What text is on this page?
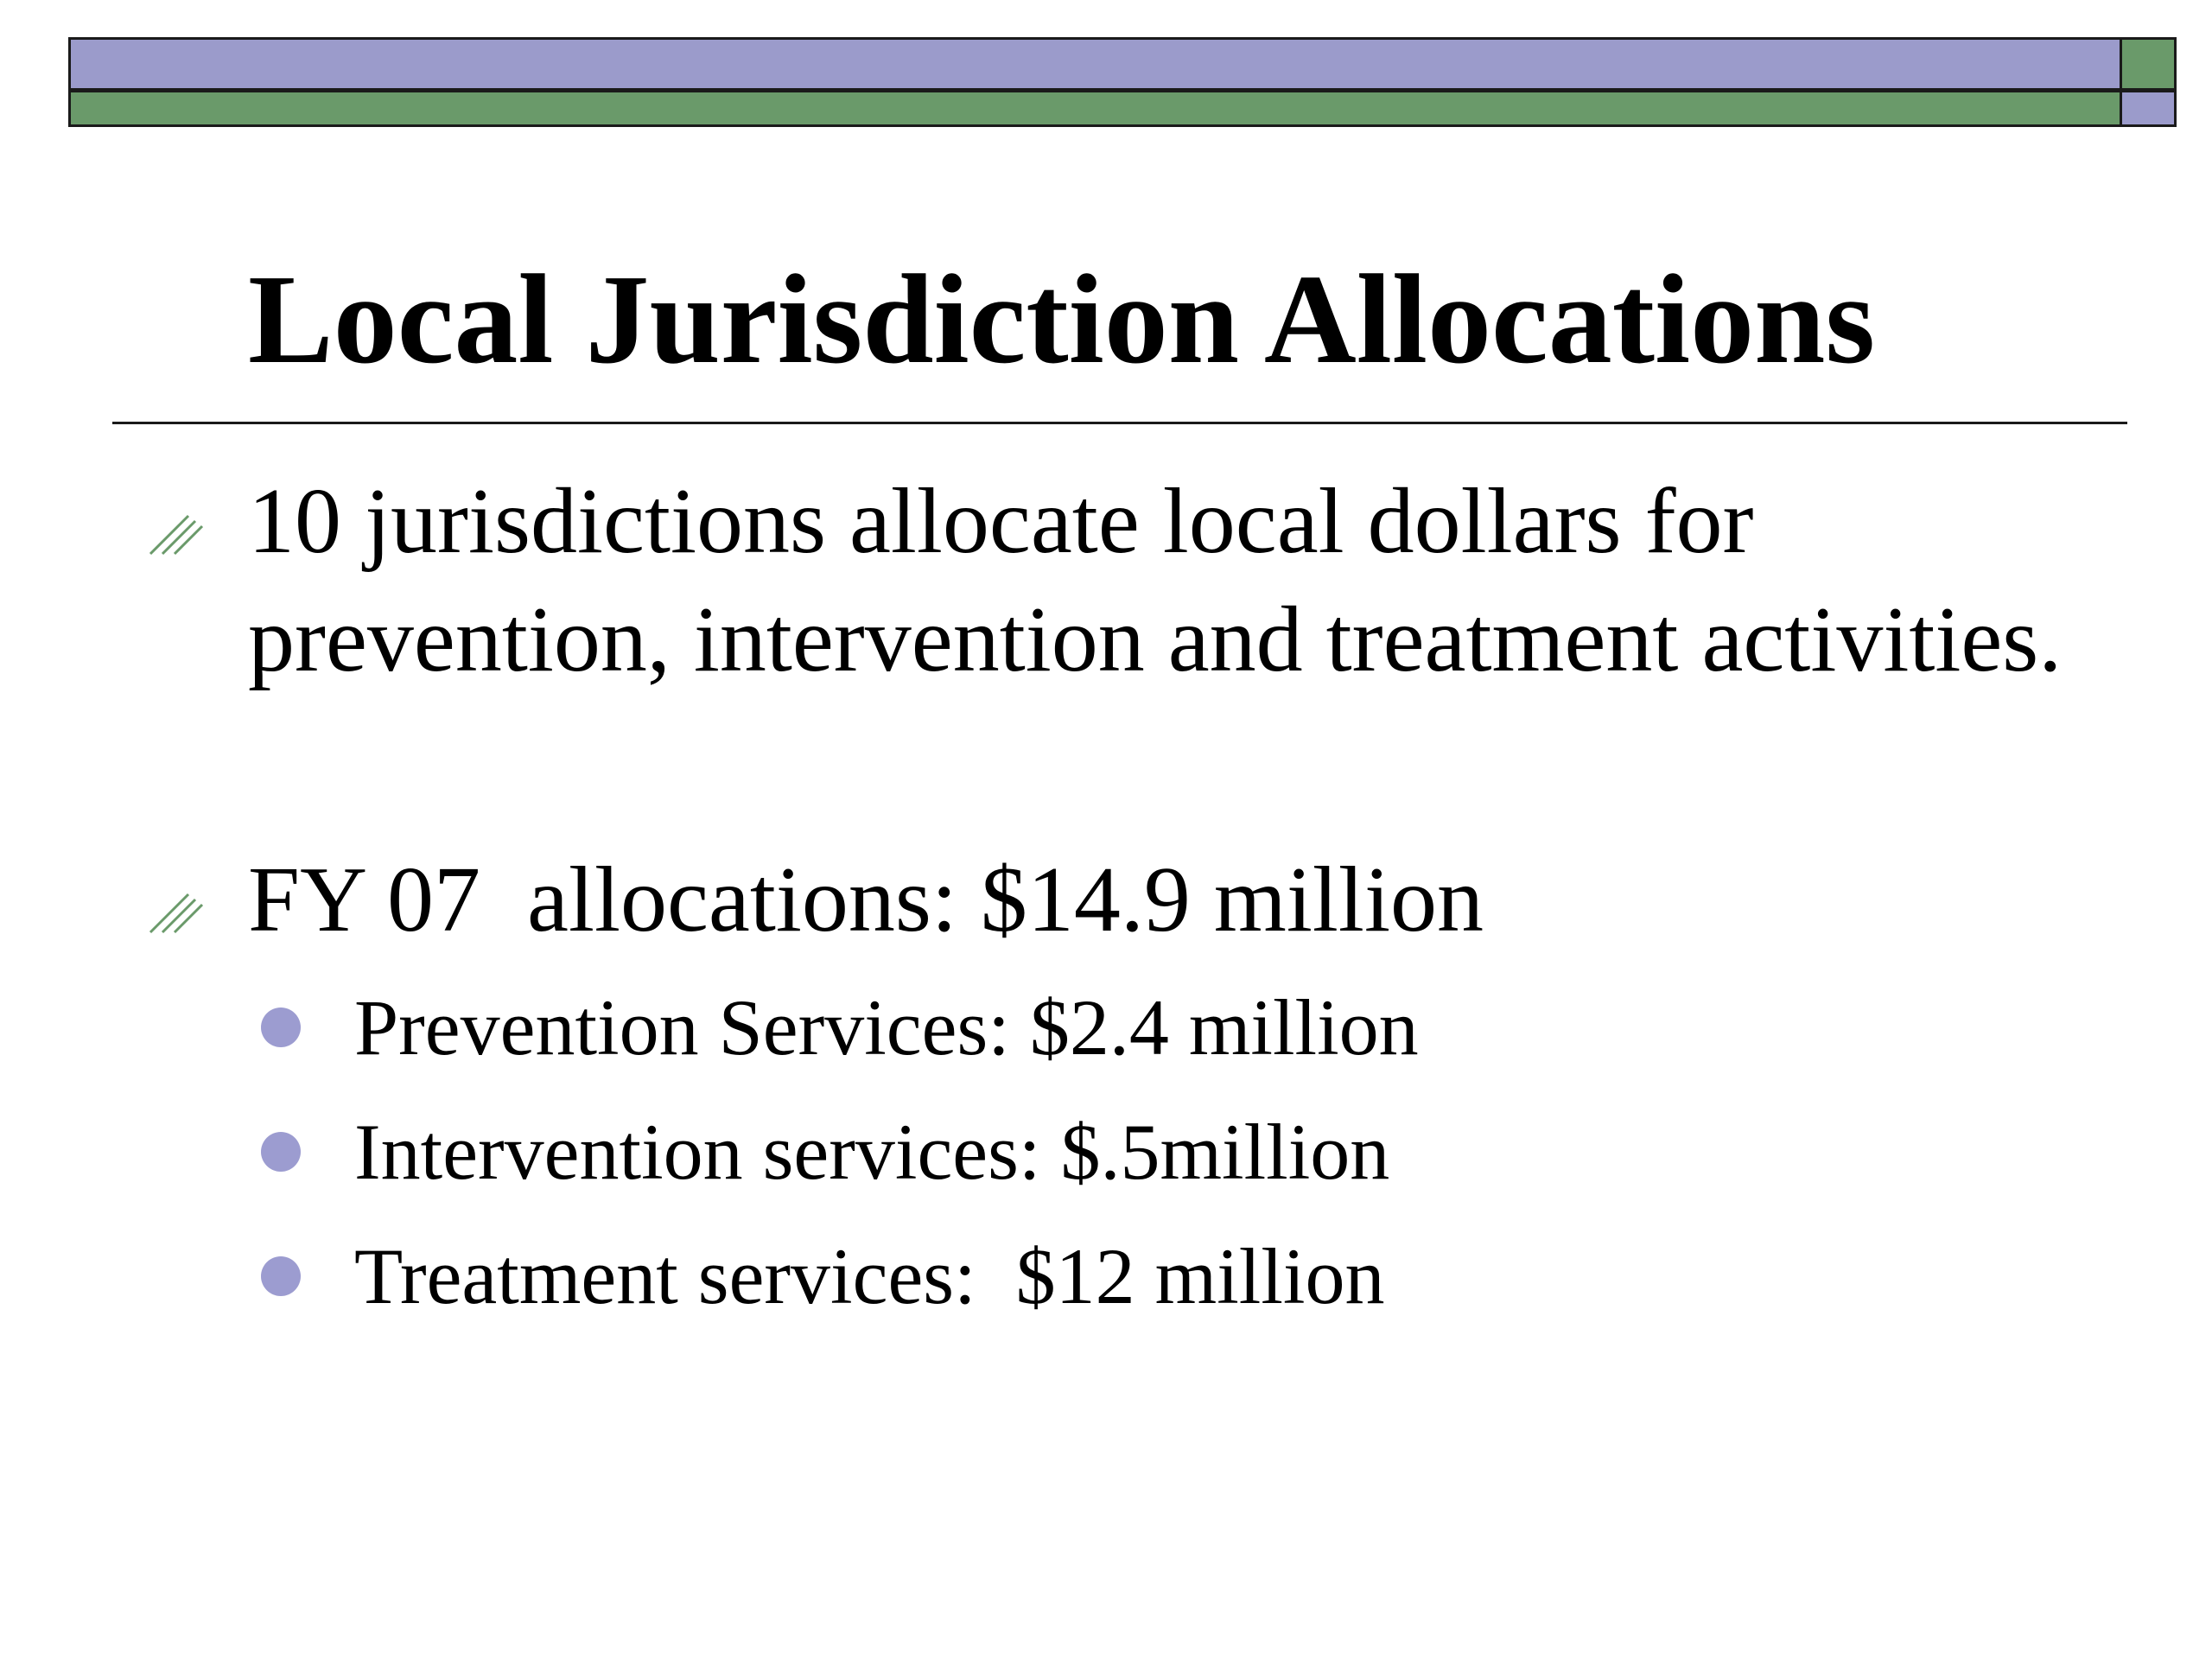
Local Jurisdiction Allocations
10 jurisdictions allocate local dollars for prevention, intervention and treatment activities.
FY 07  allocations: $14.9 million
Prevention Services: $2.4 million
Intervention services: $.5million
Treatment services:  $12 million
